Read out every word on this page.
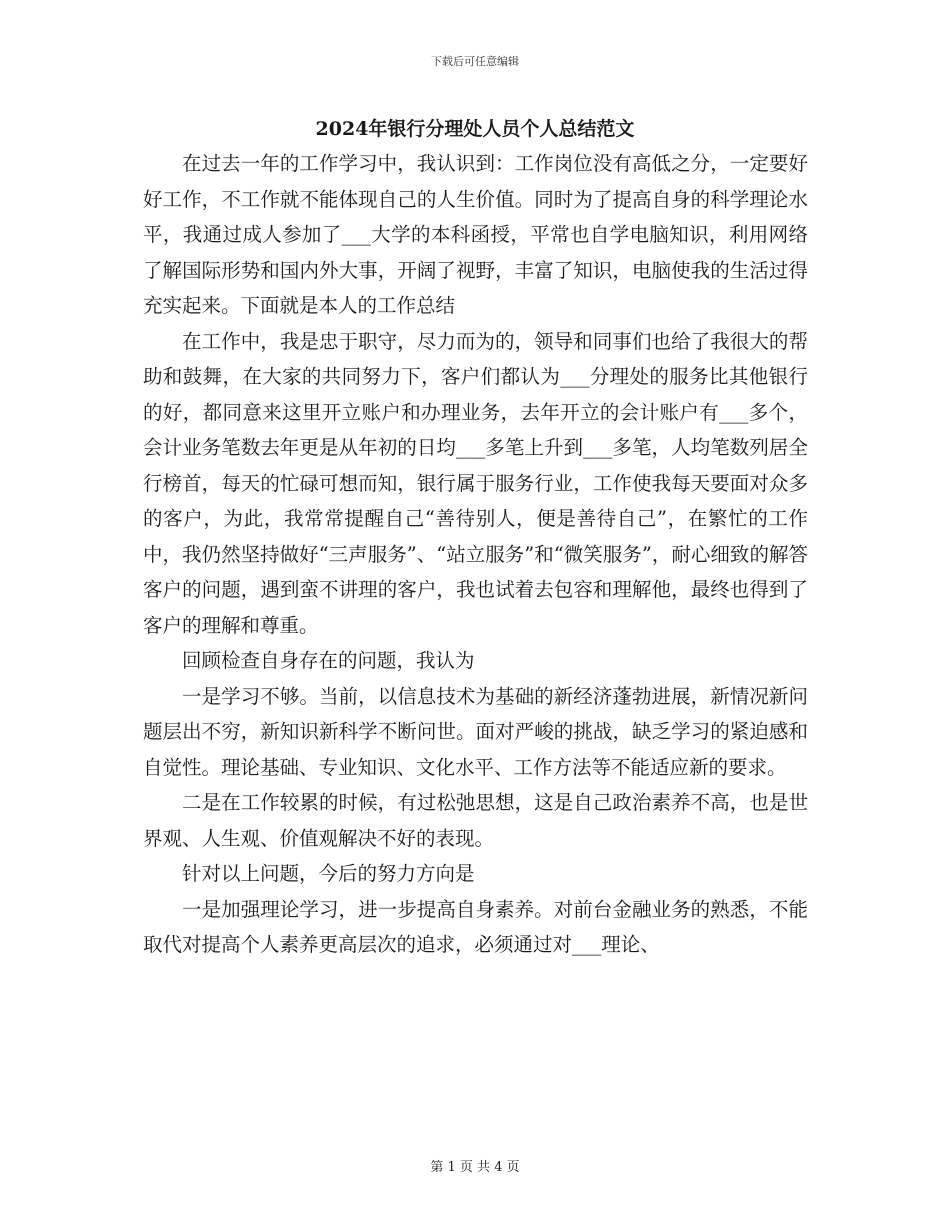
下载后可任意编辑
2024年银行分理处人员个人总结范文

在过去一年的工作学习中，我认识到：工作岗位没有高低之分，一定要好好工作，不工作就不能体现自己的人生价值。同时为了提高自身的科学理论水平，我通过成人参加了___大学的本科函授，平常也自学电脑知识，利用网络了解国际形势和国内外大事，开阔了视野，丰富了知识，电脑使我的生活过得充实起来。下面就是本人的工作总结

在工作中，我是忠于职守，尽力而为的，领导和同事们也给了我很大的帮助和鼓舞，在大家的共同努力下，客户们都认为___分理处的服务比其他银行的好，都同意来这里开立账户和办理业务，去年开立的会计账户有___多个，会计业务笔数去年更是从年初的日均___多笔上升到___多笔，人均笔数列居全行榜首，每天的忙碌可想而知，银行属于服务行业，工作使我每天要面对众多的客户，为此，我常常提醒自己“善待别人，便是善待自己”，在繁忙的工作中，我仍然坚持做好“三声服务”、“站立服务”和“微笑服务”，耐心细致的解答客户的问题，遇到蛮不讲理的客户，我也试着去包容和理解他，最终也得到了客户的理解和尊重。

回顾检查自身存在的问题，我认为

一是学习不够。当前，以信息技术为基础的新经济蓬勃进展，新情况新问题层出不穷，新知识新科学不断问世。面对严峻的挑战，缺乏学习的紧迫感和自觉性。理论基础、专业知识、文化水平、工作方法等不能适应新的要求。

二是在工作较累的时候，有过松弛思想，这是自己政治素养不高，也是世界观、人生观、价值观解决不好的表现。

针对以上问题，今后的努力方向是

一是加强理论学习，进一步提高自身素养。对前台金融业务的熟悉，不能取代对提高个人素养更高层次的追求，必须通过对___理论、

第 1 页 共 4 页
